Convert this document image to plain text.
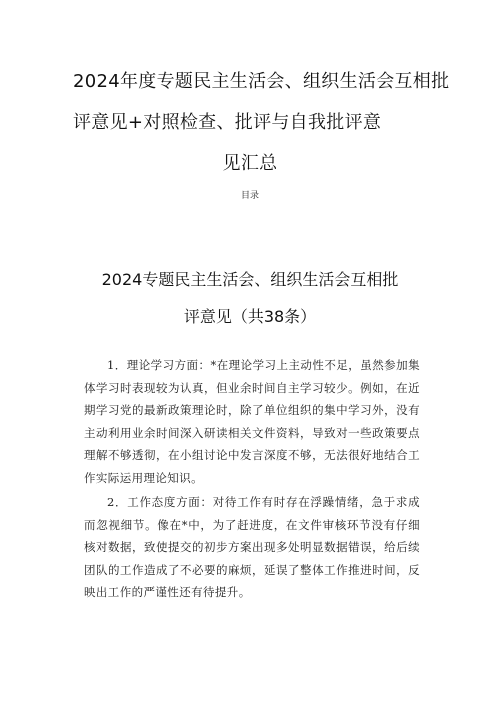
2024年度专题民主生活会、组织生活会互相批
评意见+对照检查、批评与自我批评意
见汇总
目录
2024专题民主生活会、组织生活会互相批
评意见（共38条）

1．理论学习方面：*在理论学习上主动性不足，虽然参加集体学习时表现较为认真，但业余时间自主学习较少。例如，在近期学习党的最新政策理论时，除了单位组织的集中学习外，没有主动利用业余时间深入研读相关文件资料，导致对一些政策要点理解不够透彻，在小组讨论中发言深度不够，无法很好地结合工作实际运用理论知识。

2．工作态度方面：对待工作有时存在浮躁情绪，急于求成而忽视细节。像在*中，为了赶进度，在文件审核环节没有仔细核对数据，致使提交的初步方案出现多处明显数据错误，给后续团队的工作造成了不必要的麻烦，延误了整体工作推进时间，反映出工作的严谨性还有待提升。
